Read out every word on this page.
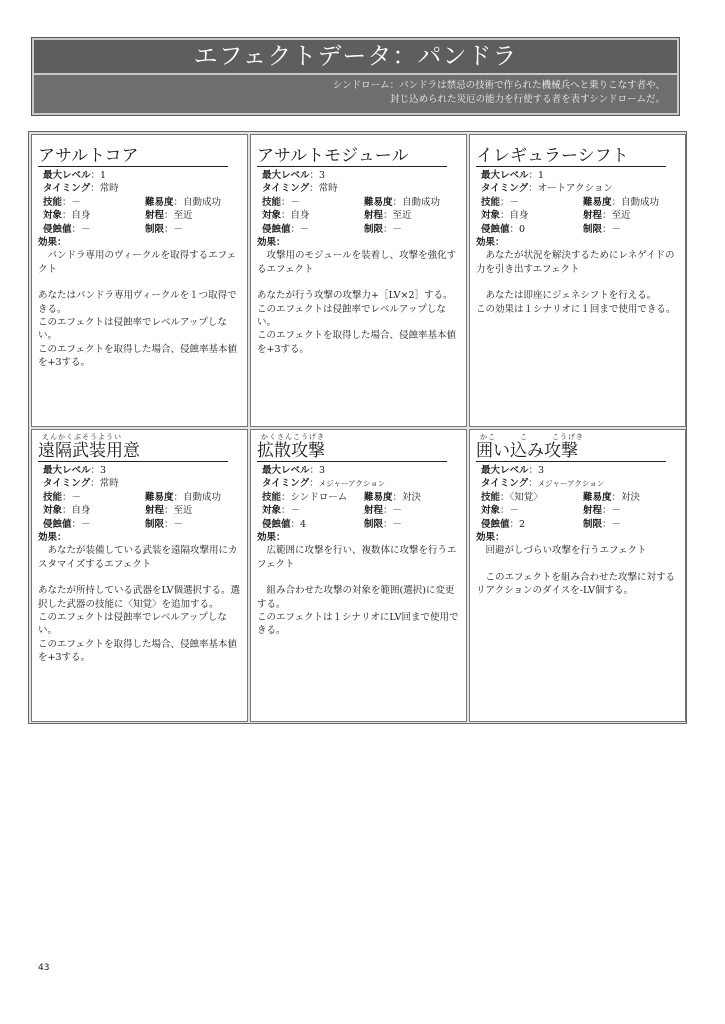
エフェクトデータ：パンドラ
シンドローム：パンドラは禁忌の技術で作られた機械兵へと乗りこなす者や、
封じ込められた災厄の能力を行使する者を表すシンドロームだ。
アサルトコア
最大レベル：1
タイミング：常時
技能：－	難易度：自動成功
対象：自身	射程：至近
侵蝕値：－	制限：－
効果：
　パンドラ専用のヴィークルを取得するエフェクト
あなたはパンドラ専用ヴィークルを１つ取得できる。
このエフェクトは侵蝕率でレベルアップしない。
このエフェクトを取得した場合、侵蝕率基本値を+3する。
アサルトモジュール
最大レベル：3
タイミング：常時
技能：－	難易度：自動成功
対象：自身	射程：至近
侵蝕値：－	制限：－
効果：
　攻撃用のモジュールを装着し、攻撃を強化するエフェクト
あなたが行う攻撃の攻撃力+［LV×2］する。
このエフェクトは侵蝕率でレベルアップしない。
このエフェクトを取得した場合、侵蝕率基本値を+3する。
イレギュラーシフト
最大レベル：1
タイミング：オートアクション
技能：－	難易度：自動成功
対象：自身	射程：至近
侵蝕値：0	制限：－
効果：
　あなたが状況を解決するためにレネゲイドの力を引き出すエフェクト
　あなたは即座にジェネシフトを行える。
この効果は１シナリオに１回まで使用できる。
えんかくぶそうようい
遠隔武装用意
最大レベル：3
タイミング：常時
技能：－	難易度：自動成功
対象：自身	射程：至近
侵蝕値：－	制限：－
効果：
　あなたが装備している武装を遠隔攻撃用にカスタマイズするエフェクト
あなたが所持している武器をLV個選択する。選択した武器の技能に〈知覚〉を追加する。
このエフェクトは侵蝕率でレベルアップしない。
このエフェクトを取得した場合、侵蝕率基本値を+3する。
かくさんこうげき
拡散攻撃
最大レベル：3
タイミング：メジャーアクション
技能：シンドローム	難易度：対決
対象：－	射程：－
侵蝕値：4	制限：－
効果：
　広範囲に攻撃を行い、複数体に攻撃を行うエフェクト
　組み合わせた攻撃の対象を範囲(選択)に変更する。
このエフェクトは１シナリオにLV回まで使用できる。
かこ　　　こ　　　こうげき
囲い込み攻撃
最大レベル：3
タイミング：メジャーアクション
技能：〈知覚〉	難易度：対決
対象：－	射程：－
侵蝕値：2	制限：－
効果：
　回避がしづらい攻撃を行うエフェクト
　このエフェクトを組み合わせた攻撃に対するリアクションのダイスを-LV個する。
43
